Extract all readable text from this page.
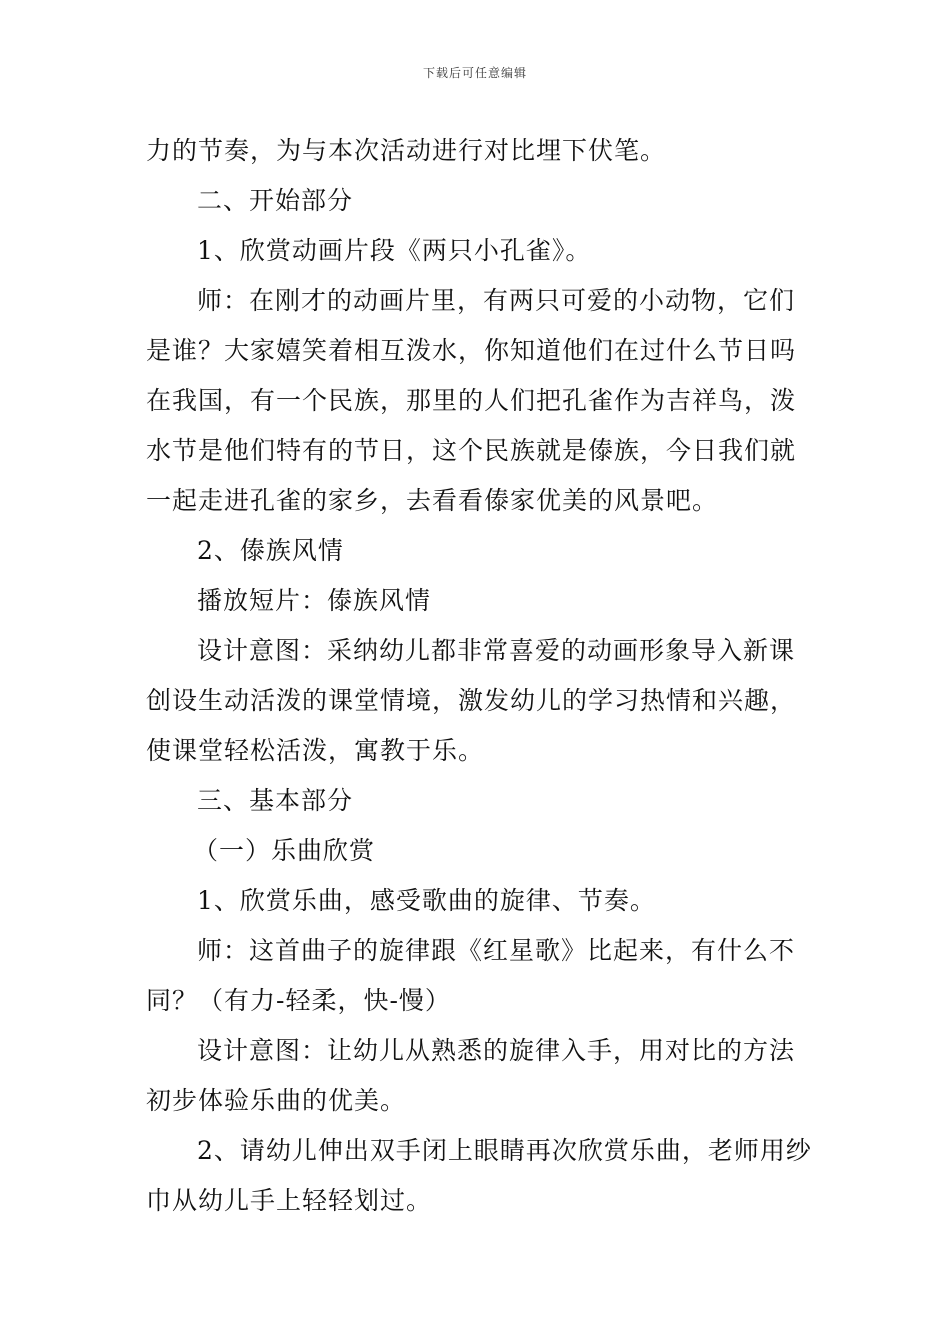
下载后可任意编辑
力的节奏，为与本次活动进行对比埋下伏笔。
二、开始部分
1、欣赏动画片段《两只小孔雀》。
师：在刚才的动画片里，有两只可爱的小动物，它们
是谁？大家嬉笑着相互泼水，你知道他们在过什么节日吗
在我国，有一个民族，那里的人们把孔雀作为吉祥鸟，泼
水节是他们特有的节日，这个民族就是傣族，今日我们就
一起走进孔雀的家乡，去看看傣家优美的风景吧。
2、傣族风情
播放短片：傣族风情
设计意图：采纳幼儿都非常喜爱的动画形象导入新课
创设生动活泼的课堂情境，激发幼儿的学习热情和兴趣，
使课堂轻松活泼，寓教于乐。
三、基本部分
（一）乐曲欣赏
1、欣赏乐曲，感受歌曲的旋律、节奏。
师：这首曲子的旋律跟《红星歌》比起来，有什么不
同？（有力-轻柔，快-慢）
设计意图：让幼儿从熟悉的旋律入手，用对比的方法
初步体验乐曲的优美。
2、请幼儿伸出双手闭上眼睛再次欣赏乐曲，老师用纱
巾从幼儿手上轻轻划过。
